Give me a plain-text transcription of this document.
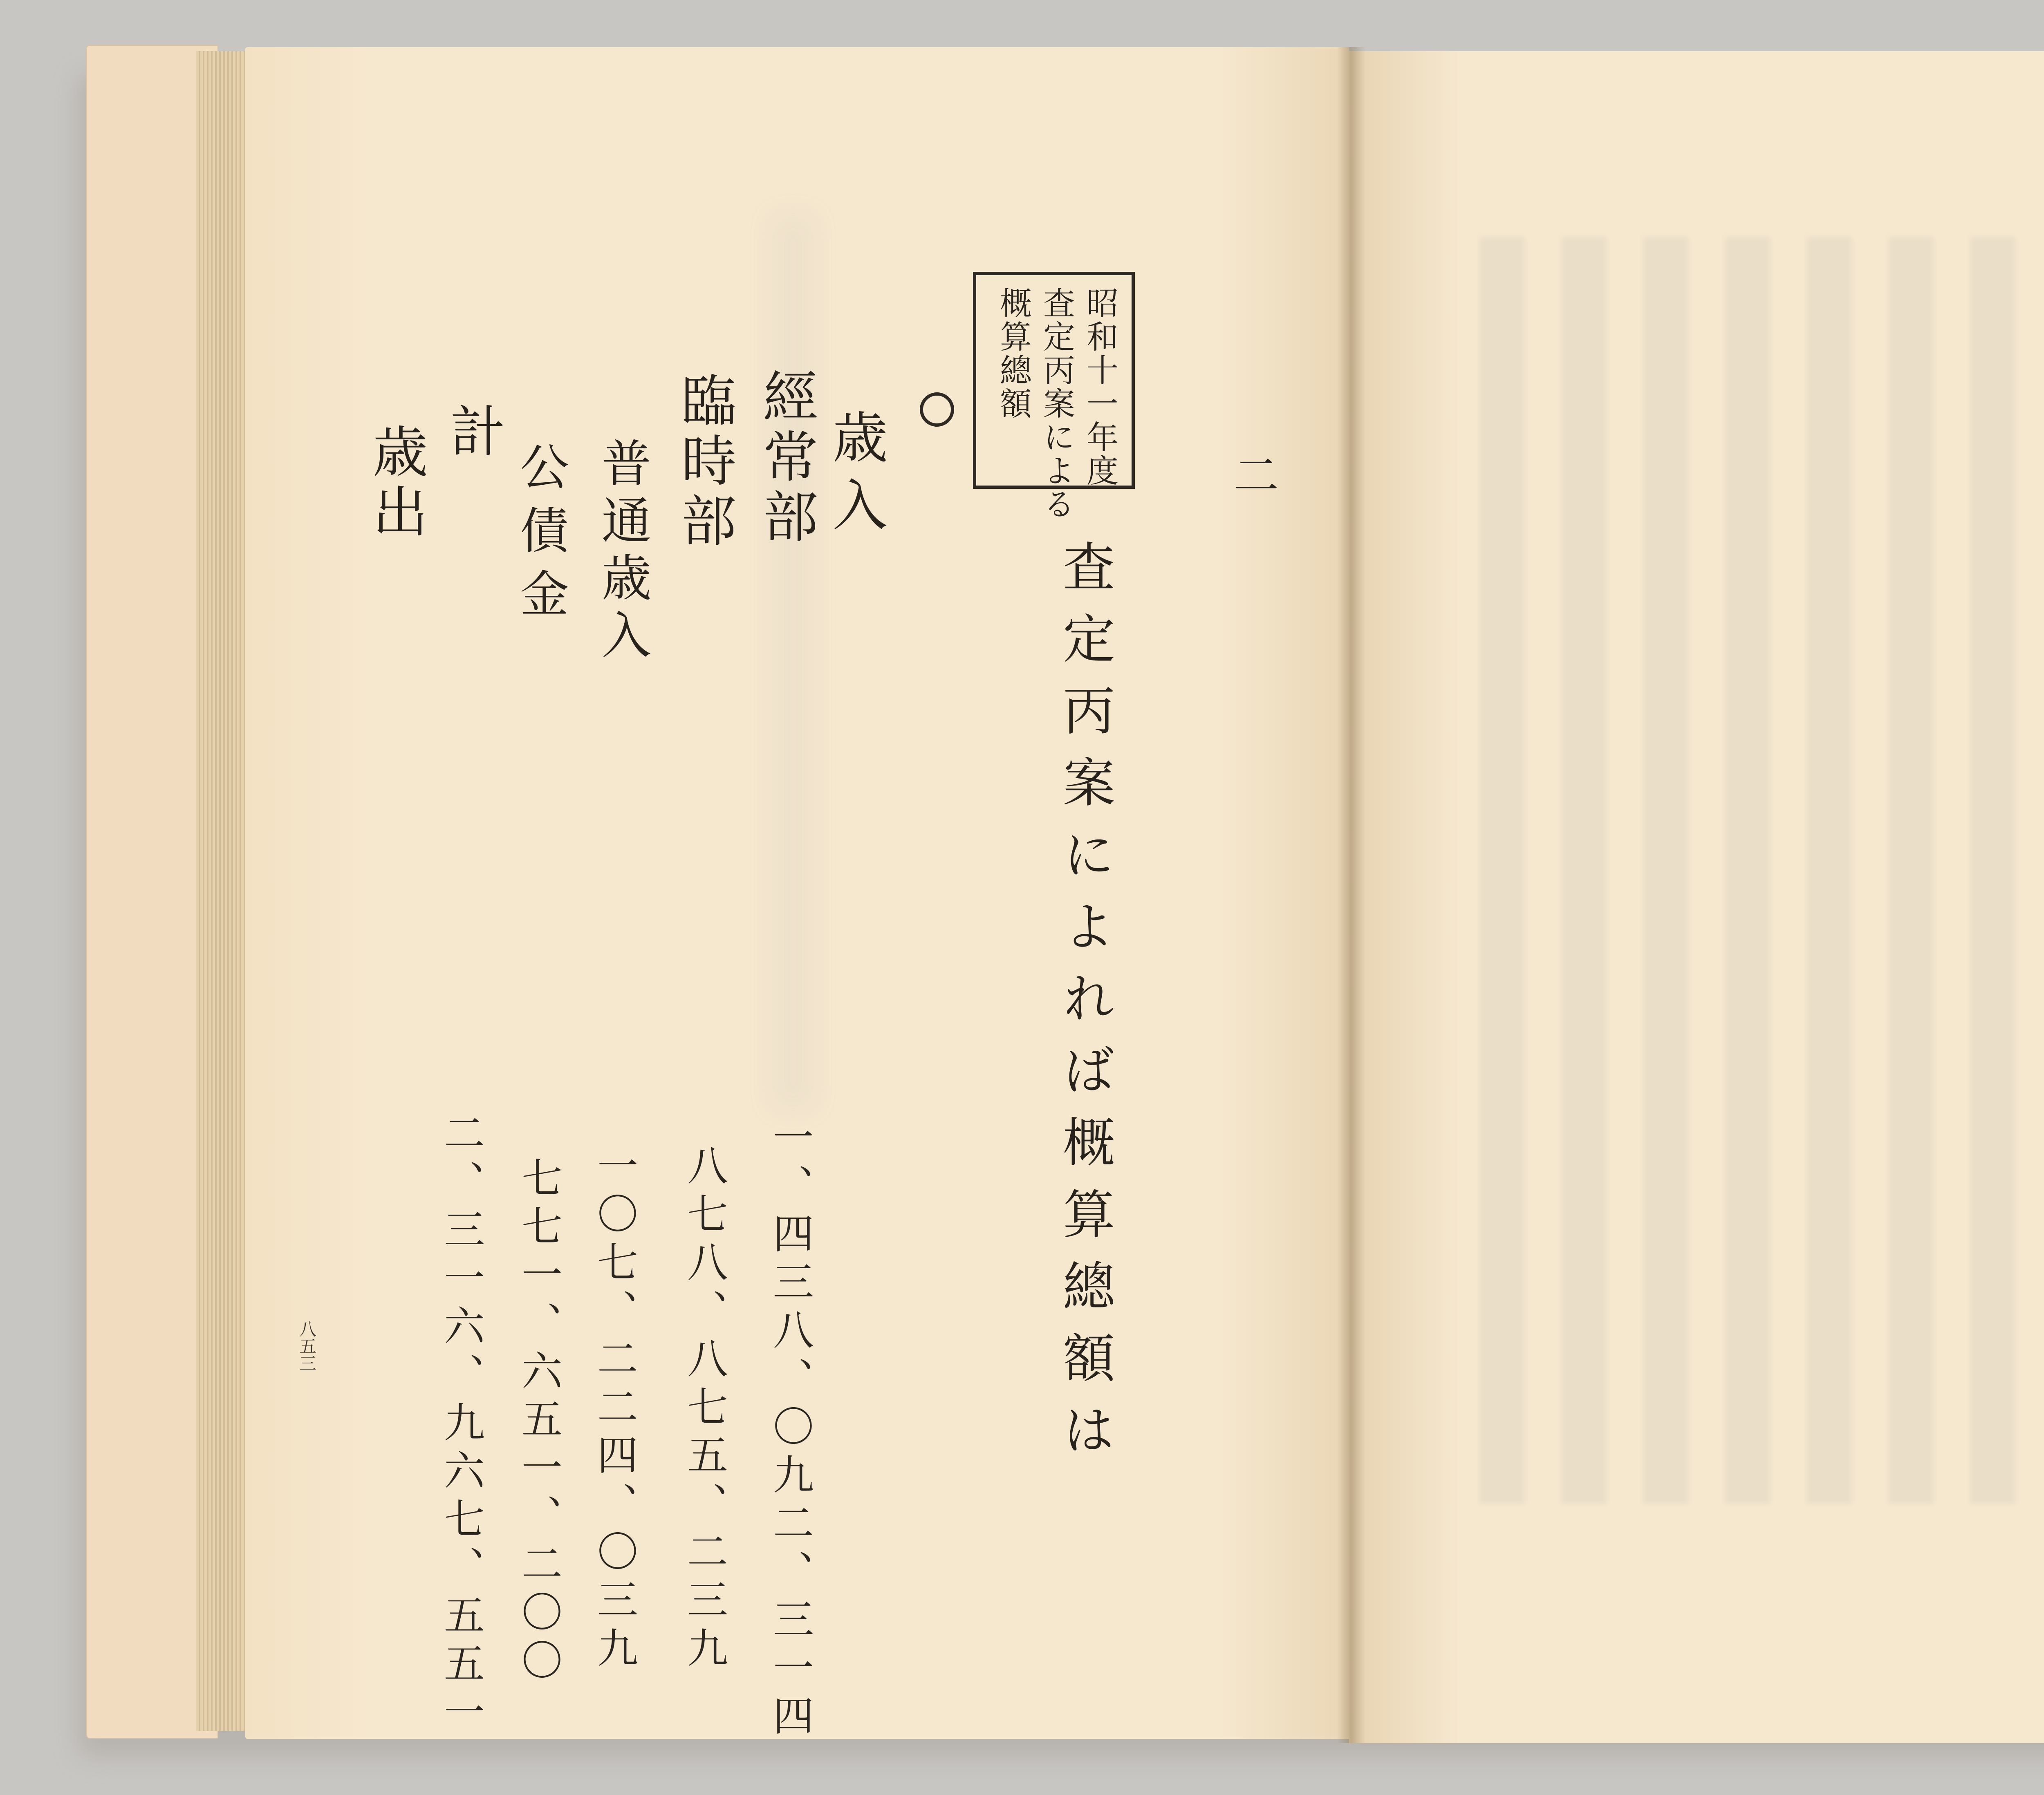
昭和十一年度
査定丙案による
概算總額
二
査定丙案によれば概算總額は
歳入
經常部
臨時部
普通歳入
公債金
計
歳出
一、四三八、〇九二、三一四
八七八、八七五、二三九
一〇七、二二四、〇三九
七七一、六五一、二〇〇
二、三一六、九六七、五五一
八五三
